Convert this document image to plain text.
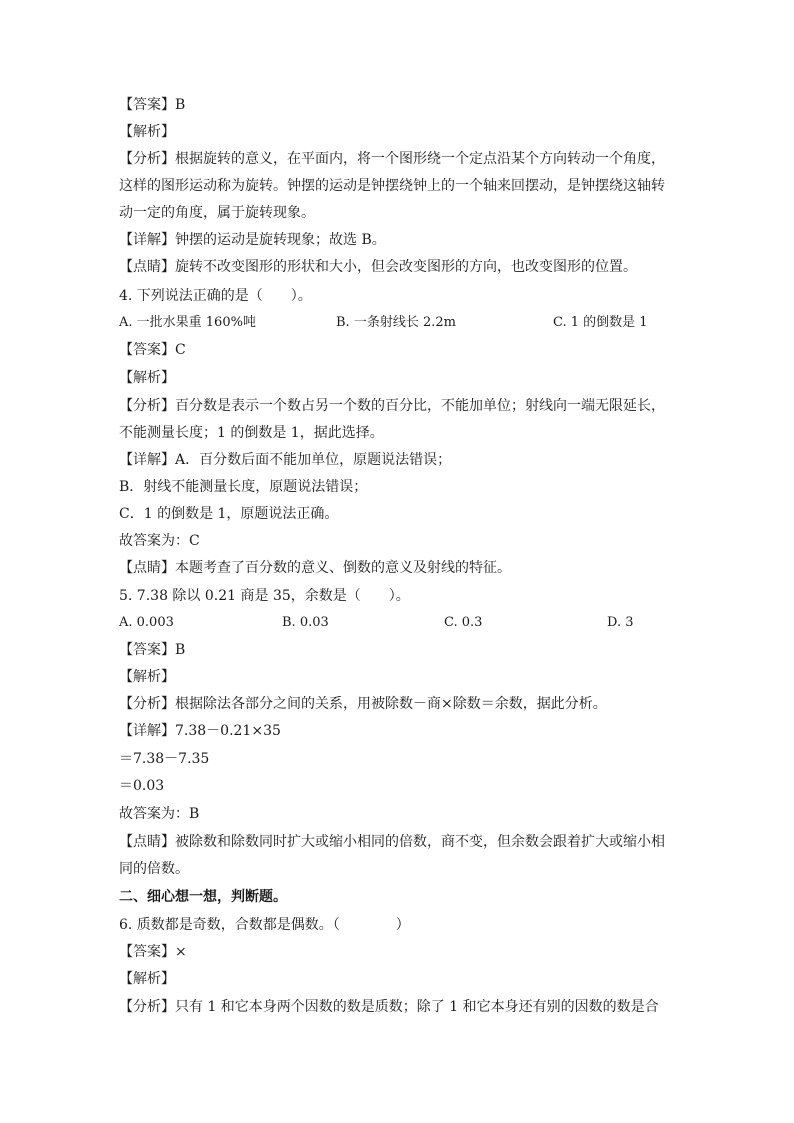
【答案】B
【解析】
【分析】根据旋转的意义，在平面内，将一个图形绕一个定点沿某个方向转动一个角度，
这样的图形运动称为旋转。钟摆的运动是钟摆绕钟上的一个轴来回摆动，是钟摆绕这轴转
动一定的角度，属于旋转现象。
【详解】钟摆的运动是旋转现象；故选 B。
【点睛】旋转不改变图形的形状和大小，但会改变图形的方向，也改变图形的位置。
4. 下列说法正确的是（　　）。
A. 一批水果重 160%吨	B. 一条射线长 2.2m	C. 1 的倒数是 1
【答案】C
【解析】
【分析】百分数是表示一个数占另一个数的百分比，不能加单位；射线向一端无限延长，
不能测量长度；1 的倒数是 1，据此选择。
【详解】A．百分数后面不能加单位，原题说法错误；
B．射线不能测量长度，原题说法错误；
C．1 的倒数是 1，原题说法正确。
故答案为：C
【点睛】本题考查了百分数的意义、倒数的意义及射线的特征。
5. 7.38 除以 0.21 商是 35，余数是（　　）。
A. 0.003	B. 0.03	C. 0.3	D. 3
【答案】B
【解析】
【分析】根据除法各部分之间的关系，用被除数－商×除数＝余数，据此分析。
【详解】7.38－0.21×35
＝7.38－7.35
＝0.03
故答案为：B
【点睛】被除数和除数同时扩大或缩小相同的倍数，商不变，但余数会跟着扩大或缩小相
同的倍数。
二、细心想一想，判断题。
6. 质数都是奇数，合数都是偶数。（　　　　）
【答案】×
【解析】
【分析】只有 1 和它本身两个因数的数是质数；除了 1 和它本身还有别的因数的数是合
